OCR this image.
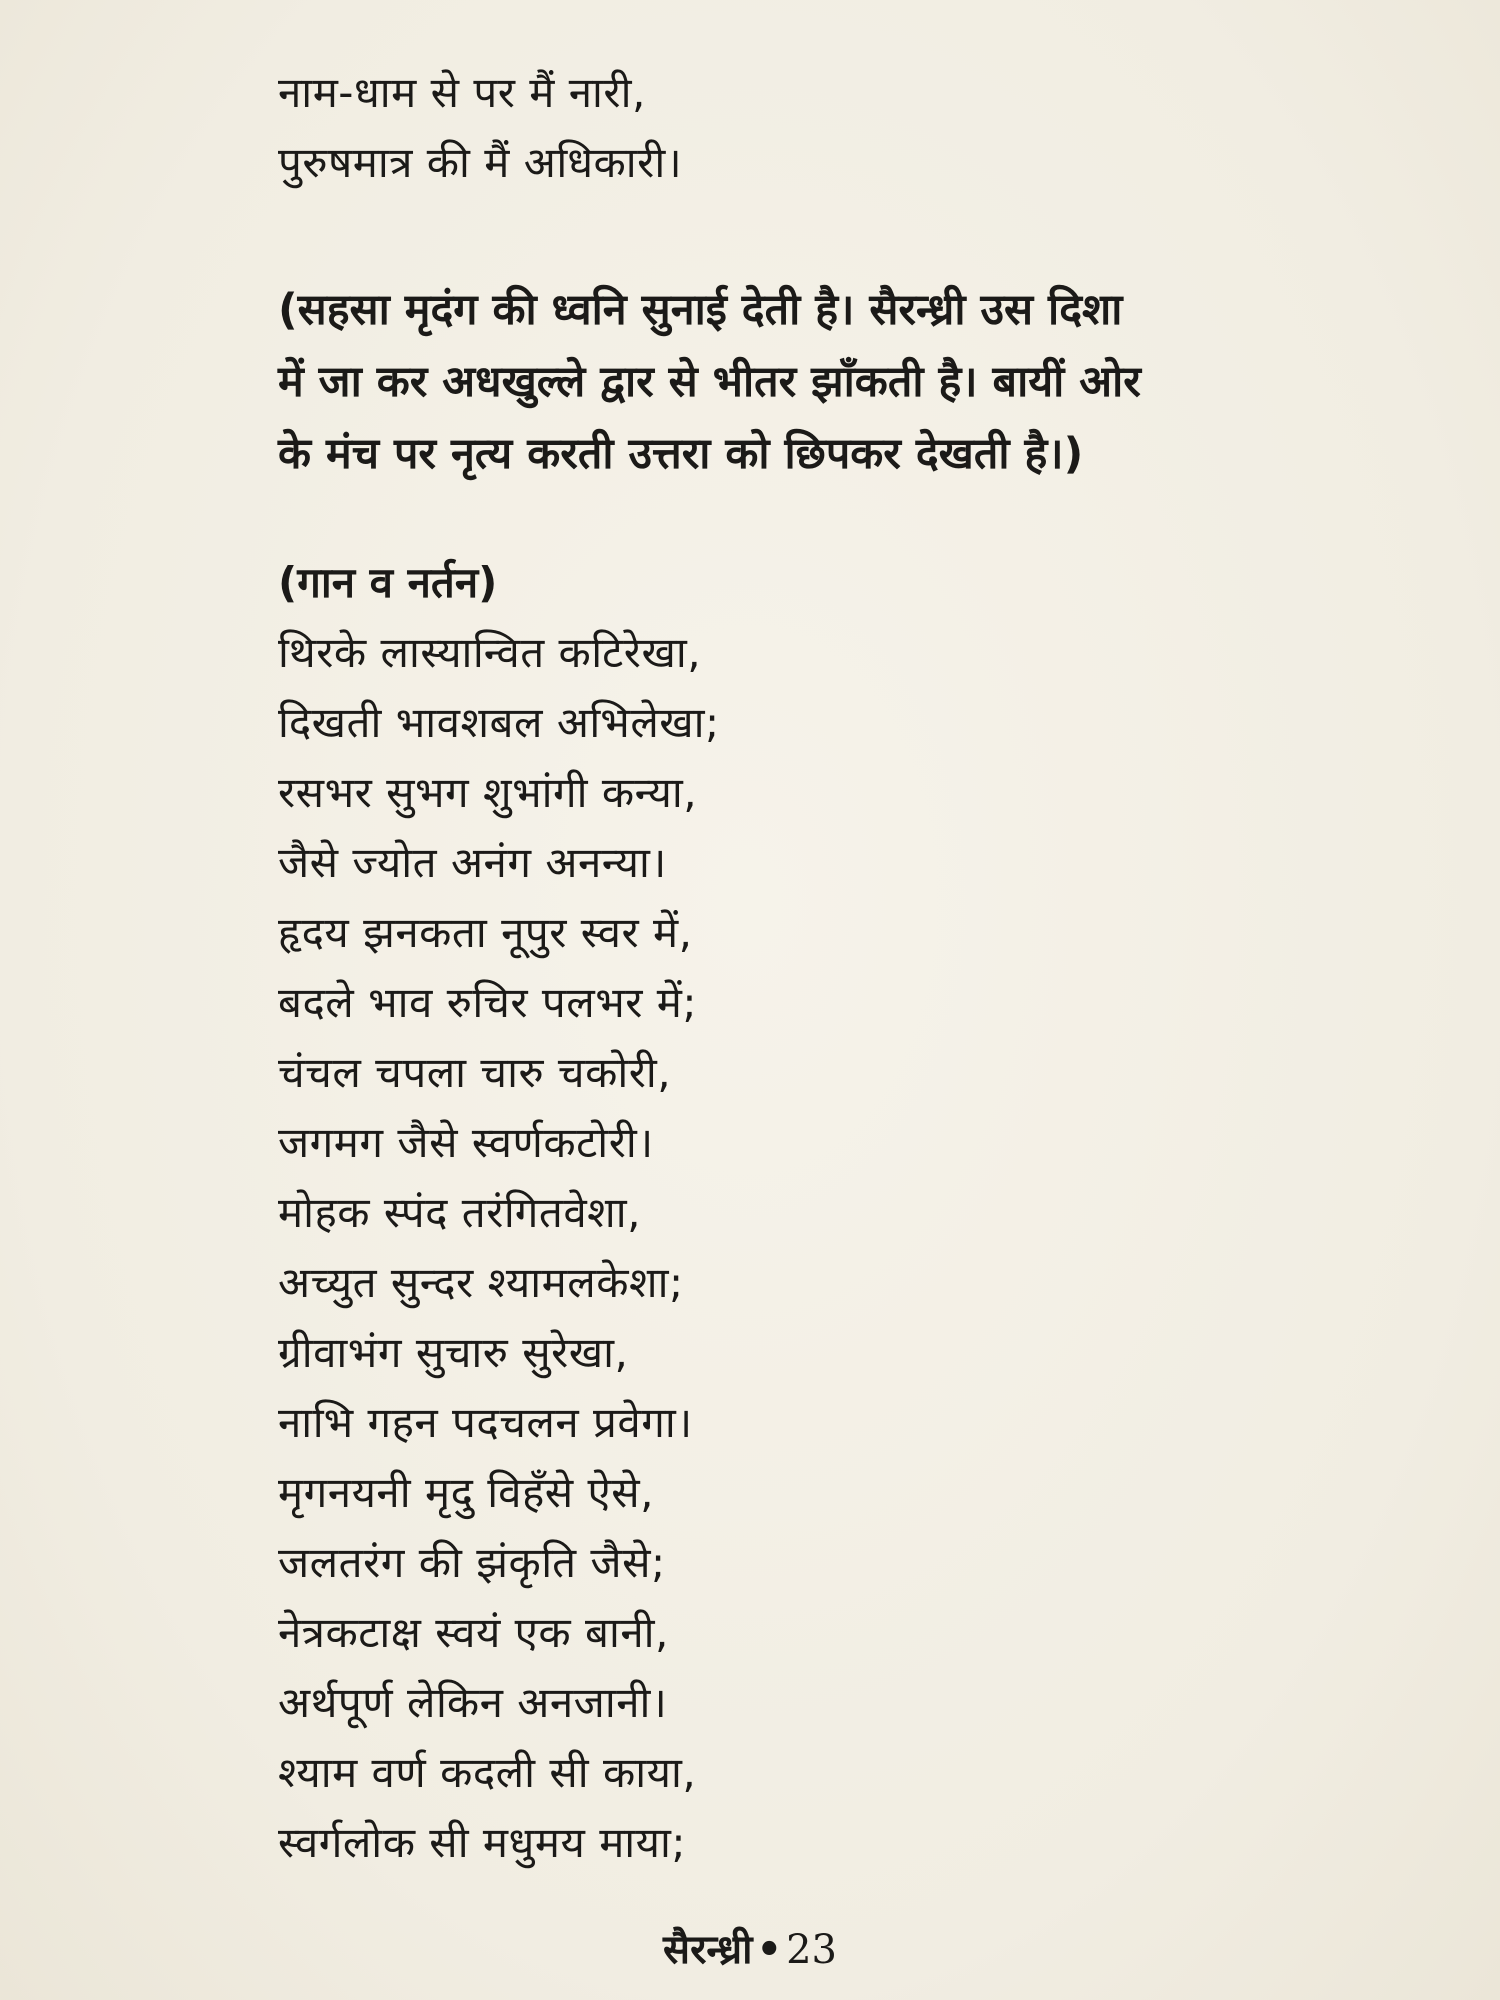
नाम-धाम से पर मैं नारी,
पुरुषमात्र की मैं अधिकारी।
(सहसा मृदंग की ध्वनि सुनाई देती है। सैरन्ध्री उस दिशा
में जा कर अधखुल्ले द्वार से भीतर झाँकती है। बायीं ओर
के मंच पर नृत्य करती उत्तरा को छिपकर देखती है।)
(गान व नर्तन)
थिरके लास्यान्वित कटिरेखा,
दिखती भावशबल अभिलेखा;
रसभर सुभग शुभांगी कन्या,
जैसे ज्योत अनंग अनन्या।
हृदय झनकता नूपुर स्वर में,
बदले भाव रुचिर पलभर में;
चंचल चपला चारु चकोरी,
जगमग जैसे स्वर्णकटोरी।
मोहक स्पंद तरंगितवेशा,
अच्युत सुन्दर श्यामलकेशा;
ग्रीवाभंग सुचारु सुरेखा,
नाभि गहन पदचलन प्रवेगा।
मृगनयनी मृदु विहँसे ऐसे,
जलतरंग की झंकृति जैसे;
नेत्रकटाक्ष स्वयं एक बानी,
अर्थपूर्ण लेकिन अनजानी।
श्याम वर्ण कदली सी काया,
स्वर्गलोक सी मधुमय माया;
सैरन्ध्री • 23
